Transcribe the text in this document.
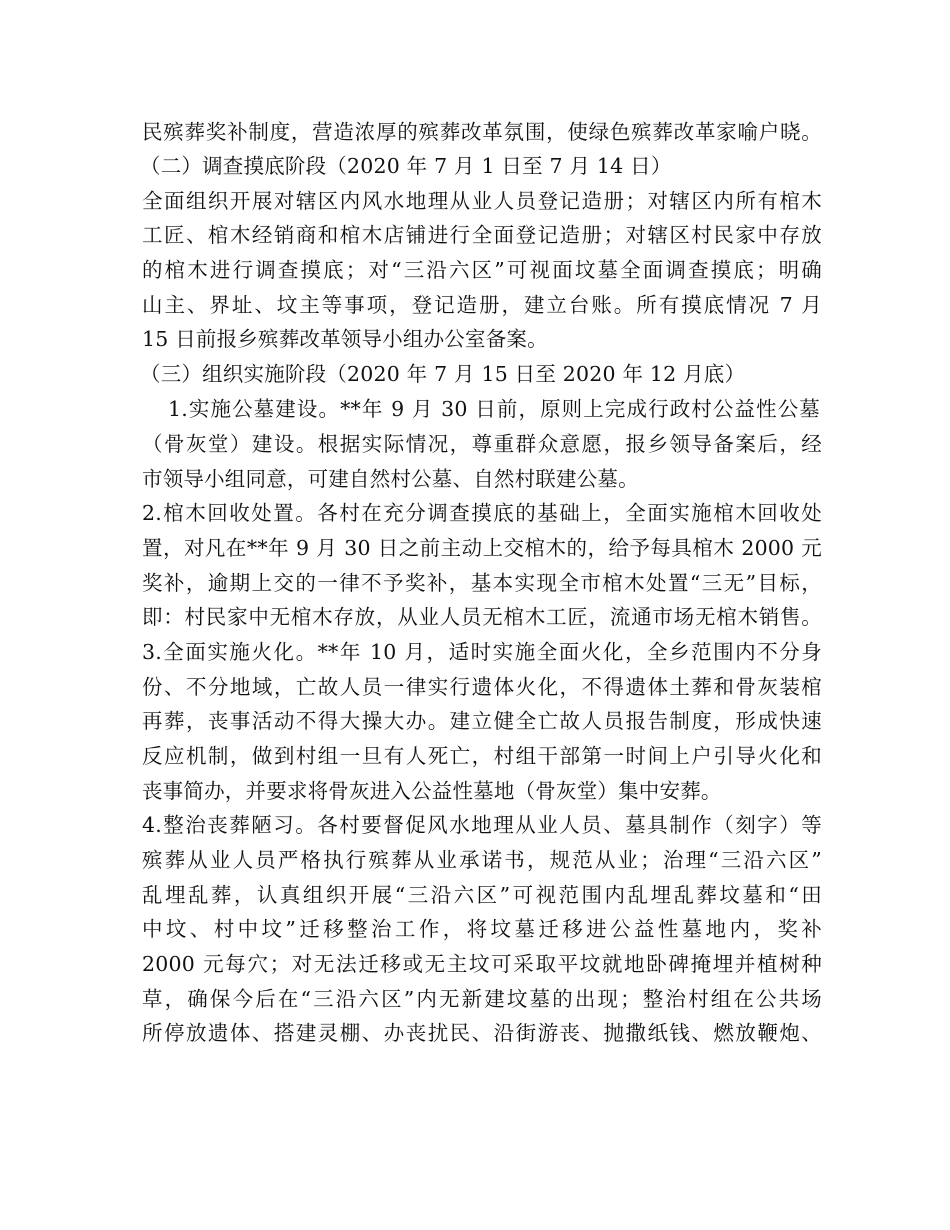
民殡葬奖补制度，营造浓厚的殡葬改革氛围，使绿色殡葬改革家喻户晓。
（二）调查摸底阶段（2020 年 7 月 1 日至 7 月 14 日）
全面组织开展对辖区内风水地理从业人员登记造册；对辖区内所有棺木
工匠、棺木经销商和棺木店铺进行全面登记造册；对辖区村民家中存放
的棺木进行调查摸底；对“三沿六区”可视面坟墓全面调查摸底；明确
山主、界址、坟主等事项，登记造册，建立台账。所有摸底情况 7 月
15 日前报乡殡葬改革领导小组办公室备案。
（三）组织实施阶段（2020 年 7 月 15 日至 2020 年 12 月底）
1.实施公墓建设。**年 9 月 30 日前，原则上完成行政村公益性公墓
（骨灰堂）建设。根据实际情况，尊重群众意愿，报乡领导备案后，经
市领导小组同意，可建自然村公墓、自然村联建公墓。
2.棺木回收处置。各村在充分调查摸底的基础上，全面实施棺木回收处
置，对凡在**年 9 月 30 日之前主动上交棺木的，给予每具棺木 2000 元
奖补，逾期上交的一律不予奖补，基本实现全市棺木处置“三无”目标，
即：村民家中无棺木存放，从业人员无棺木工匠，流通市场无棺木销售。
3.全面实施火化。**年 10 月，适时实施全面火化，全乡范围内不分身
份、不分地域，亡故人员一律实行遗体火化，不得遗体土葬和骨灰装棺
再葬，丧事活动不得大操大办。建立健全亡故人员报告制度，形成快速
反应机制，做到村组一旦有人死亡，村组干部第一时间上户引导火化和
丧事简办，并要求将骨灰进入公益性墓地（骨灰堂）集中安葬。
4.整治丧葬陋习。各村要督促风水地理从业人员、墓具制作（刻字）等
殡葬从业人员严格执行殡葬从业承诺书，规范从业；治理“三沿六区”
乱埋乱葬，认真组织开展“三沿六区”可视范围内乱埋乱葬坟墓和“田
中坟、村中坟”迁移整治工作，将坟墓迁移进公益性墓地内，奖补
2000 元每穴；对无法迁移或无主坟可采取平坟就地卧碑掩埋并植树种
草，确保今后在“三沿六区”内无新建坟墓的出现；整治村组在公共场
所停放遗体、搭建灵棚、办丧扰民、沿街游丧、抛撒纸钱、燃放鞭炮、
